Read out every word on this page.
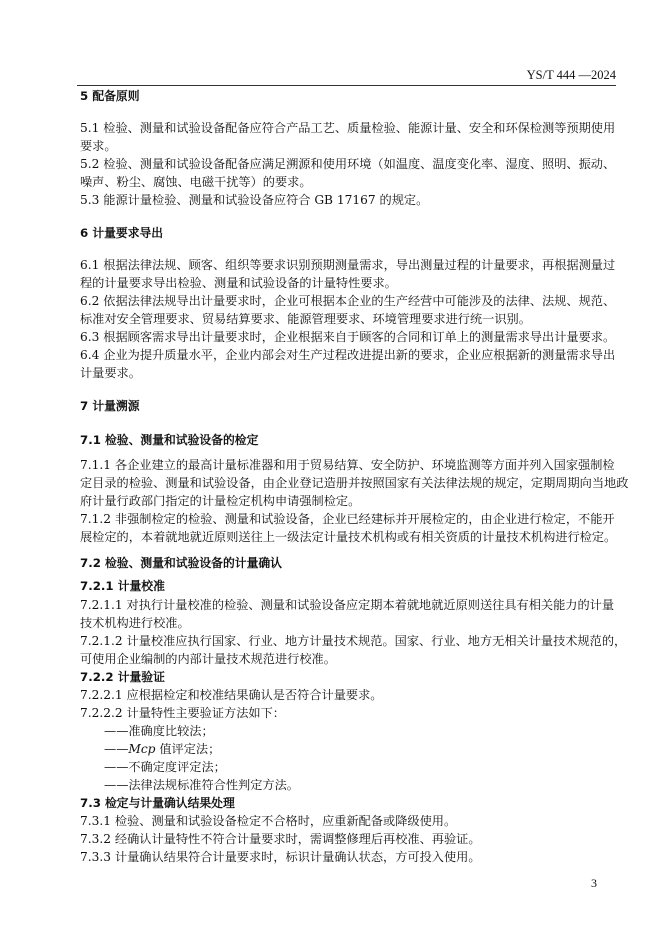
YS/T 444 —2024
5 配备原则
5.1 检验、测量和试验设备配备应符合产品工艺、质量检验、能源计量、安全和环保检测等预期使用
要求。
5.2 检验、测量和试验设备配备应满足溯源和使用环境（如温度、温度变化率、湿度、照明、振动、
噪声、粉尘、腐蚀、电磁干扰等）的要求。
5.3 能源计量检验、测量和试验设备应符合 GB 17167 的规定。
6 计量要求导出
6.1 根据法律法规、顾客、组织等要求识别预期测量需求，导出测量过程的计量要求，再根据测量过
程的计量要求导出检验、测量和试验设备的计量特性要求。
6.2 依据法律法规导出计量要求时，企业可根据本企业的生产经营中可能涉及的法律、法规、规范、
标准对安全管理要求、贸易结算要求、能源管理要求、环境管理要求进行统一识别。
6.3 根据顾客需求导出计量要求时，企业根据来自于顾客的合同和订单上的测量需求导出计量要求。
6.4 企业为提升质量水平，企业内部会对生产过程改进提出新的要求，企业应根据新的测量需求导出
计量要求。
7 计量溯源
7.1 检验、测量和试验设备的检定
7.1.1 各企业建立的最高计量标准器和用于贸易结算、安全防护、环境监测等方面并列入国家强制检
定目录的检验、测量和试验设备，由企业登记造册并按照国家有关法律法规的规定，定期周期向当地政
府计量行政部门指定的计量检定机构申请强制检定。
7.1.2 非强制检定的检验、测量和试验设备，企业已经建标并开展检定的，由企业进行检定，不能开
展检定的，本着就地就近原则送往上一级法定计量技术机构或有相关资质的计量技术机构进行检定。
7.2 检验、测量和试验设备的计量确认
7.2.1 计量校准
7.2.1.1 对执行计量校准的检验、测量和试验设备应定期本着就地就近原则送往具有相关能力的计量
技术机构进行校准。
7.2.1.2 计量校准应执行国家、行业、地方计量技术规范。国家、行业、地方无相关计量技术规范的，
可使用企业编制的内部计量技术规范进行校准。
7.2.2 计量验证
7.2.2.1 应根据检定和校准结果确认是否符合计量要求。
7.2.2.2 计量特性主要验证方法如下：
——准确度比较法；
——Mcp 值评定法；
——不确定度评定法；
——法律法规标准符合性判定方法。
7.3 检定与计量确认结果处理
7.3.1 检验、测量和试验设备检定不合格时，应重新配备或降级使用。
7.3.2 经确认计量特性不符合计量要求时，需调整修理后再校准、再验证。
7.3.3 计量确认结果符合计量要求时，标识计量确认状态，方可投入使用。
3
